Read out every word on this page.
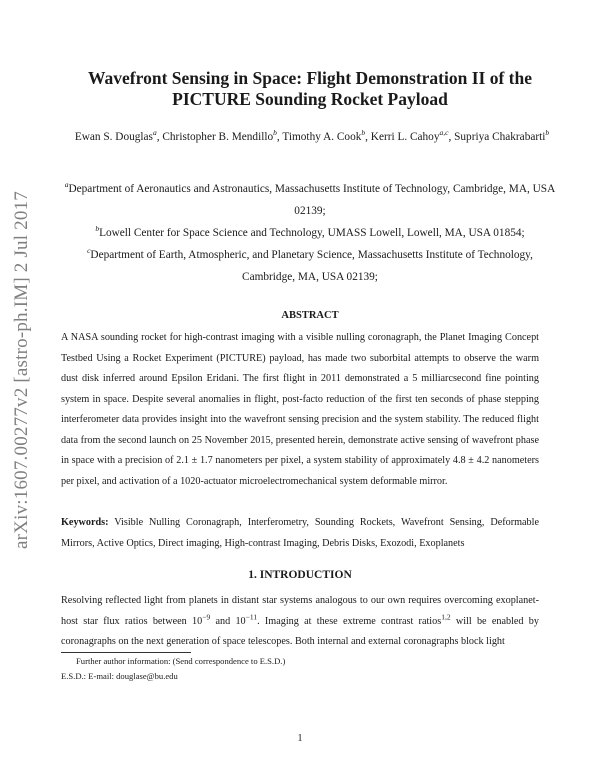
arXiv:1607.00277v2 [astro-ph.IM] 2 Jul 2017
Wavefront Sensing in Space: Flight Demonstration II of the
PICTURE Sounding Rocket Payload
Ewan S. Douglas$^a$, Christopher B. Mendillo$^b$, Timothy A. Cook$^b$, Kerri L. Cahoy$^{a,c}$, Supriya Chakrabarti$^b$
$^a$Department of Aeronautics and Astronautics, Massachusetts Institute of Technology, Cambridge, MA, USA 02139;
$^b$Lowell Center for Space Science and Technology, UMASS Lowell, Lowell, MA, USA 01854;
$^c$Department of Earth, Atmospheric, and Planetary Science, Massachusetts Institute of Technology, Cambridge, MA, USA 02139;
ABSTRACT

A NASA sounding rocket for high-contrast imaging with a visible nulling coronagraph, the Planet Imaging Concept Testbed Using a Rocket Experiment (PICTURE) payload, has made two suborbital attempts to observe the warm dust disk inferred around Epsilon Eridani. The first flight in 2011 demonstrated a 5 milliarcsecond fine pointing system in space. Despite several anomalies in flight, post-facto reduction of the first ten seconds of phase stepping interferometer data provides insight into the wavefront sensing precision and the system stability. The reduced flight data from the second launch on 25 November 2015, presented herein, demonstrate active sensing of wavefront phase in space with a precision of 2.1 ± 1.7 nanometers per pixel, a system stability of approximately 4.8 ± 4.2 nanometers per pixel, and activation of a 1020-actuator microelectromechanical system deformable mirror.

Keywords: Visible Nulling Coronagraph, Interferometry, Sounding Rockets, Wavefront Sensing, Deformable Mirrors, Active Optics, Direct imaging, High-contrast Imaging, Debris Disks, Exozodi, Exoplanets

1. INTRODUCTION

Resolving reflected light from planets in distant star systems analogous to our own requires overcoming exoplanet-host star flux ratios between $10^{-9}$ and $10^{-11}$. Imaging at these extreme contrast ratios$^{1,2}$ will be enabled by coronagraphs on the next generation of space telescopes. Both internal and external coronagraphs block light

Further author information: (Send correspondence to E.S.D.)

E.S.D.: E-mail: douglase@bu.edu

1
